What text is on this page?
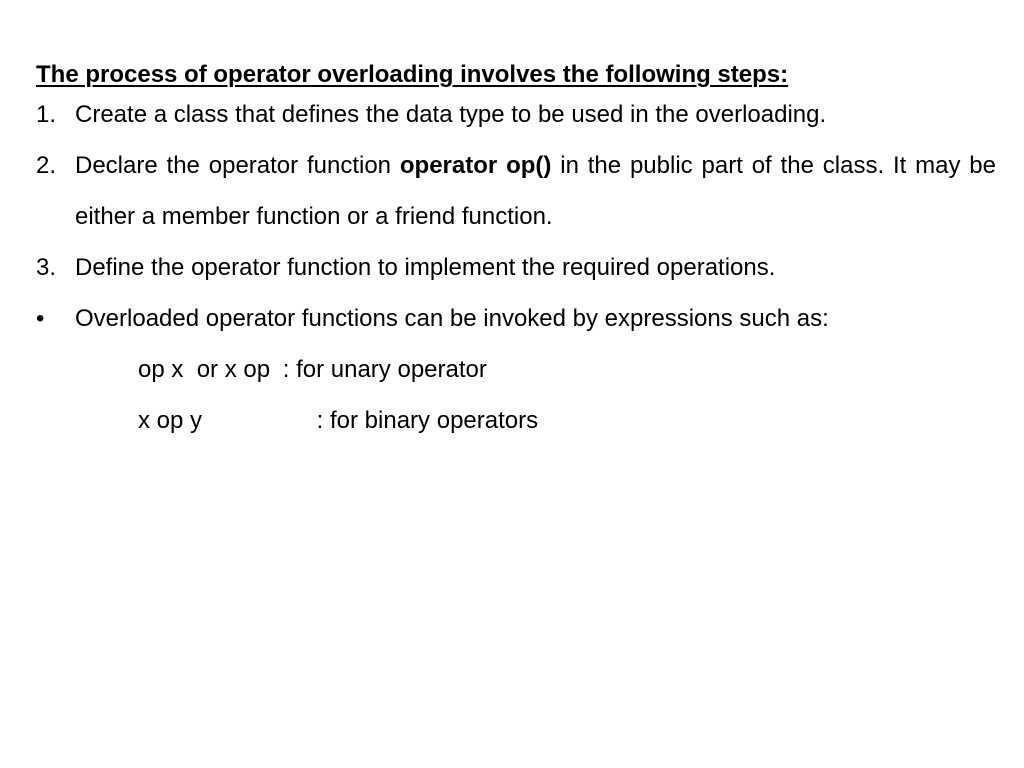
The process of operator overloading involves the following steps:
1. Create a class that defines the data type to be used in the overloading.
2. Declare the operator function operator op() in the public part of the class. It may be either a member function or a friend function.
3. Define the operator function to implement the required operations.
• Overloaded operator functions can be invoked by expressions such as:
op x  or x op : for unary operator
x op y	: for binary operators
